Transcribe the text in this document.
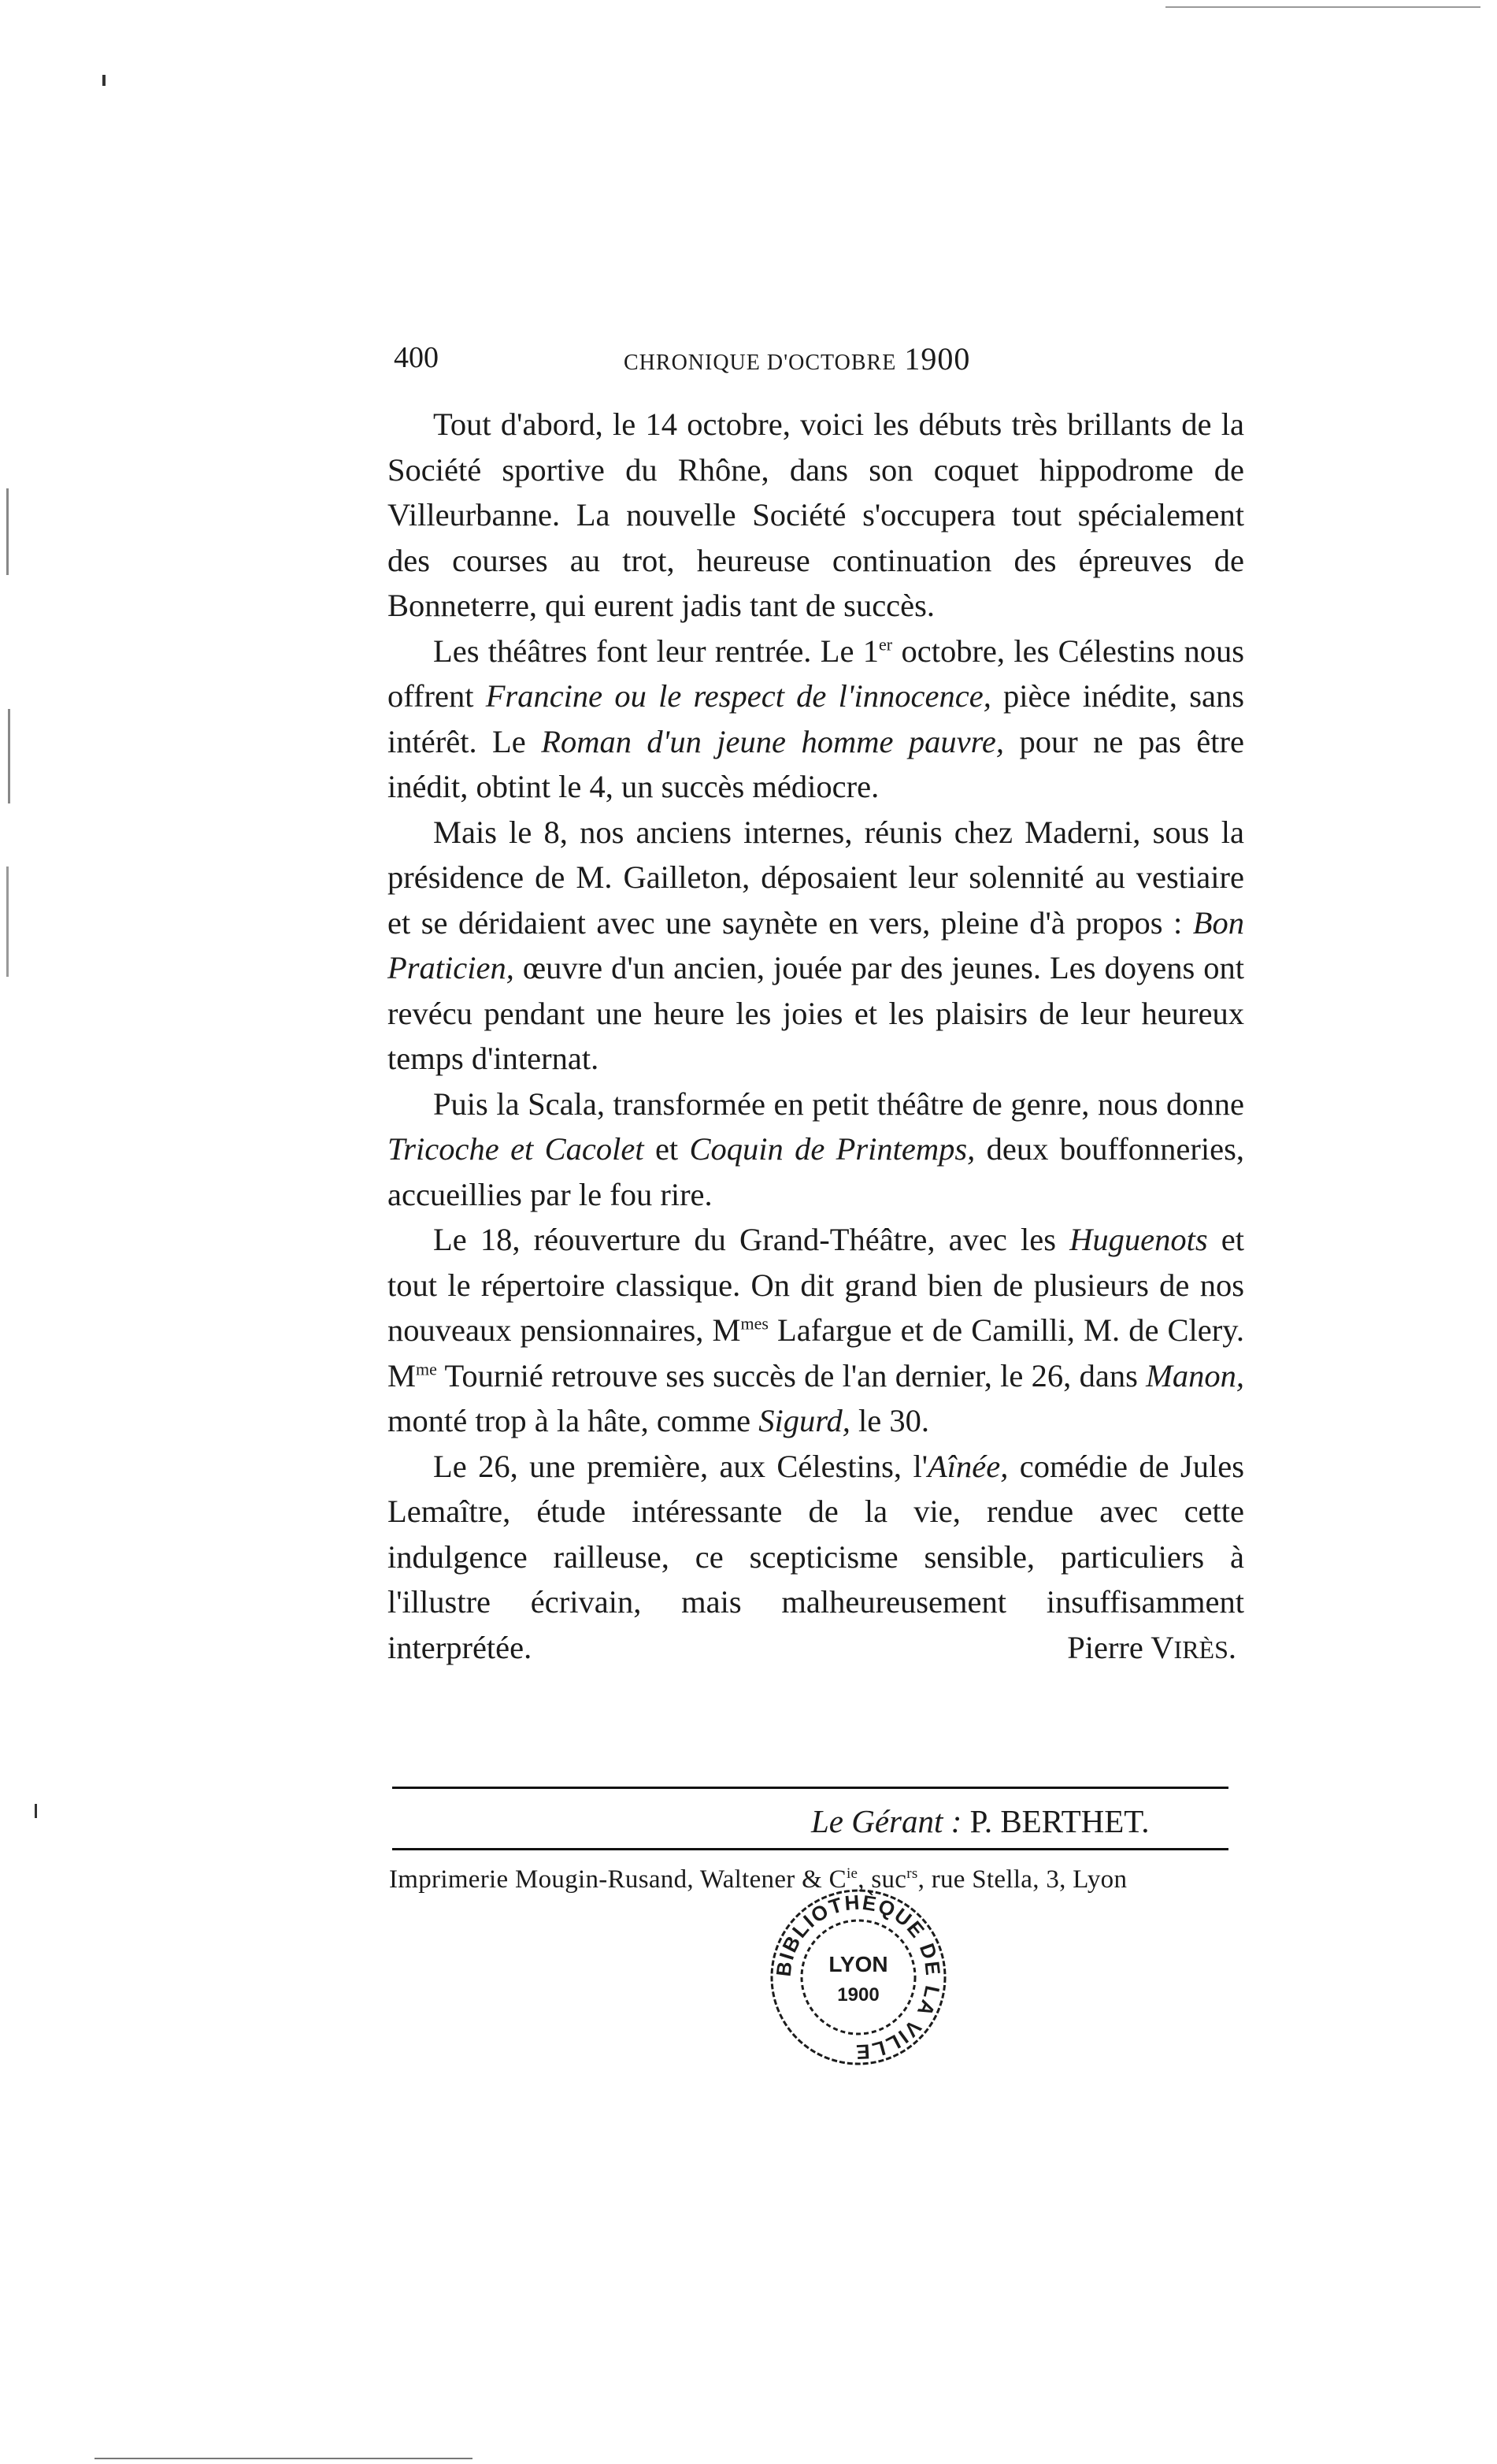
400	CHRONIQUE D'OCTOBRE 1900

Tout d'abord, le 14 octobre, voici les débuts très brillants de la Société sportive du Rhône, dans son coquet hippodrome de Villeurbanne. La nouvelle Société s'occupera tout spécialement des courses au trot, heureuse continuation des épreuves de Bonneterre, qui eurent jadis tant de succès.

Les théâtres font leur rentrée. Le 1er octobre, les Célestins nous offrent Francine ou le respect de l'innocence, pièce inédite, sans intérêt. Le Roman d'un jeune homme pauvre, pour ne pas être inédit, obtint le 4, un succès médiocre.

Mais le 8, nos anciens internes, réunis chez Maderni, sous la présidence de M. Gailleton, déposaient leur solennité au vestiaire et se déridaient avec une saynète en vers, pleine d'à propos : Bon Praticien, œuvre d'un ancien, jouée par des jeunes. Les doyens ont revécu pendant une heure les joies et les plaisirs de leur heureux temps d'internat.

Puis la Scala, transformée en petit théâtre de genre, nous donne Tricoche et Cacolet et Coquin de Printemps, deux bouffonneries, accueillies par le fou rire.

Le 18, réouverture du Grand-Théâtre, avec les Huguenots et tout le répertoire classique. On dit grand bien de plusieurs de nos nouveaux pensionnaires, $M^{mes}$ Lafargue et de Camilli, M. de Clery. $M^{me}$ Tournié retrouve ses succès de l'an dernier, le 26, dans Manon, monté trop à la hâte, comme Sigurd, le 30.

Le 26, une première, aux Célestins, l'Aînée, comédie de Jules Lemaître, étude intéressante de la vie, rendue avec cette indulgence railleuse, ce scepticisme sensible, particuliers à l'illustre écrivain, mais malheureusement insuffisamment interprétée.	Pierre VIRÈS.

Le Gérant : P. BERTHET.
Imprimerie Mougin-Rusand, Waltener & $C^{ie}$, suc$^{rs}$, rue Stella, 3, Lyon
BIBLIOTHÈQUE DE LA VILLE
LYON
1900
